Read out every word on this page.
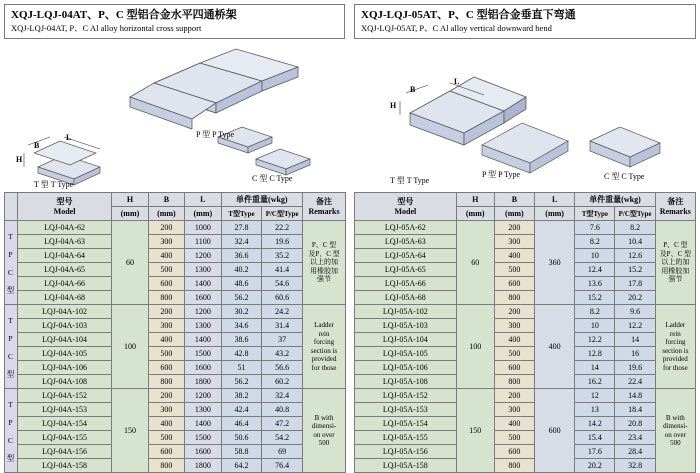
XQJ-LQJ-04AT、P、C 型铝合金水平四通桥架
XQJ-LQJ-04AT, P、C Al alloy horizontal cross support
P 型 P Type
C 型 C Type
T 型 T Type
H
B
L

型号
Model
	H	B	L	单件重量(wkg)	备注
Remarks

		(mm)	(mm)	(mm)	T型Type	P/C型Type	

T P C 型	LQJ-04A-62	60	200	1000	27.8	22.2	P、C 型
及P、C 型
以上的加
用橡胶加
强节

	LQJ-04A-63		300	1100	32.4	19.6	
	LQJ-04A-64		400	1200	36.6	35.2	
	LQJ-04A-65		500	1300	40.2	41.4	
	LQJ-04A-66		600	1400	48.6	54.6	
	LQJ-04A-68		800	1600	56.2	60.6	

T P C 型
	LQJ-04A-102	100	200	1200	30.2	24.2	
Ladder
rein
forcing
section is
provided
for those

	LQJ-04A-103		300	1300	34.6	31.4	
	LQJ-04A-104		400	1400	38.6	37	
	LQJ-04A-105		500	1500	42.8	43.2	
	LQJ-04A-106		600	1600	51	56.6	
	LQJ-04A-108		800	1800	56.2	60.2	

T P C 型	LQJ-04A-152	150	200	1200	38.2	32.4	B with
dimensi-
on over
500

	LQJ-04A-153		300	1300	42.4	40.8	
	LQJ-04A-154		400	1400	46.4	47.2	
	LQJ-04A-155		500	1500	50.6	54.2	
	LQJ-04A-156		600	1600	58.8	69	
	LQJ-04A-158		800	1800	64.2	76.4	
XQJ-LQJ-05AT、P、C 型铝合金垂直下弯通
XQJ-LQJ-05AT, P、C Al alloy vertical downward bend
P 型 P Type	C 型 C Type
T 型 T Type
H
B
L
型号
Model
	H	B	L	单件重量(wkg)	备注
Remarks

	(mm)	(mm)	(mm)	T型Type	P/C型Type	
LQJ-05A-62	60	200	360	7.6	8.2	P、C 型
及P、C 型
以上的加
用橡胶加
强节

LQJ-05A-63		300		8.2	10.4	
LQJ-05A-64		400		10	12.6	
LQJ-05A-65		500		12.4	15.2	
LQJ-05A-66		600		13.6	17.8	
LQJ-05A-68		800		15.2	20.2	
LQJ-05A-102	100	200	400	8.2	9.6	
Ladder
rein
forcing
section is
provided
for those

LQJ-05A-103		300		10	12.2	
LQJ-05A-104		400		12.2	14	
LQJ-05A-105		500		12.8	16	
LQJ-05A-106		600		14	19.6	
LQJ-05A-108		800		16.2	22.4	
LQJ-05A-152	150	200	600	12	14.8	B with
dimensi-
on over
500

LQJ-05A-153		300		13	18.4	
LQJ-05A-154		400		14.2	20.8	
LQJ-05A-155		500		15.4	23.4	
LQJ-05A-156		600		17.6	28.4	
LQJ-05A-158		800		20.2	32.8	
